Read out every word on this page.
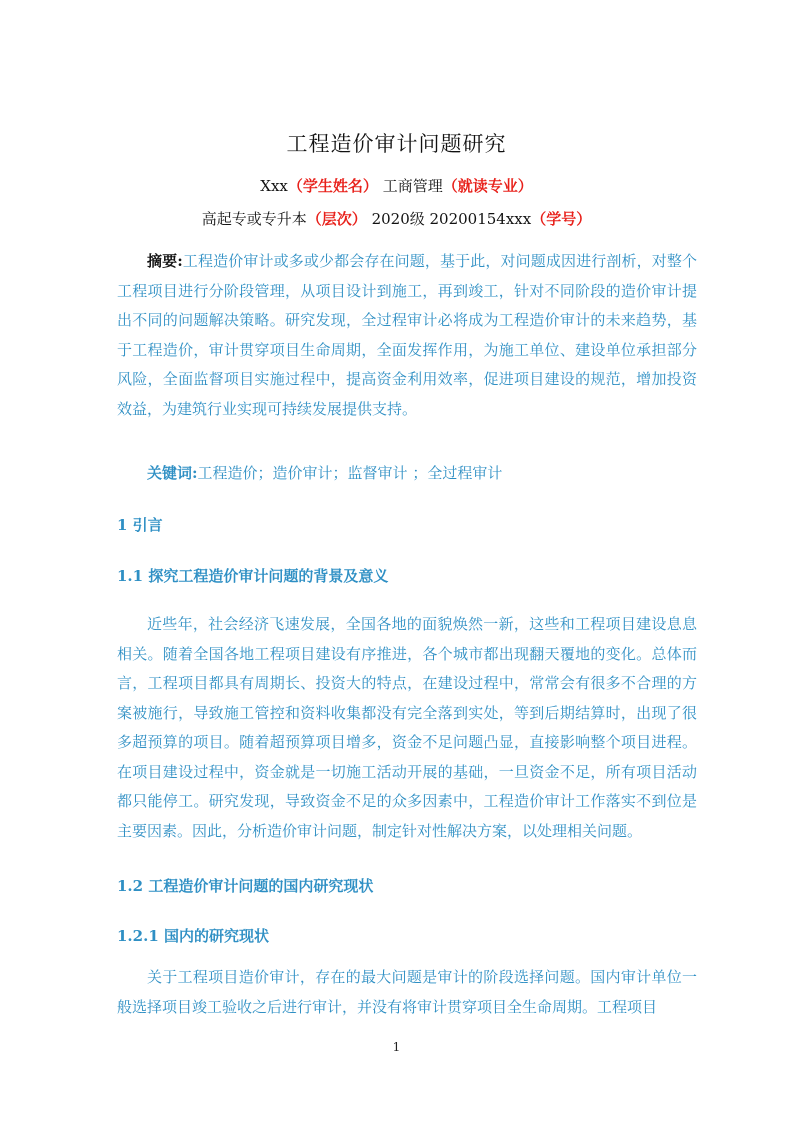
工程造价审计问题研究
Xxx（学生姓名） 工商管理（就读专业）
高起专或专升本（层次） 2020级 20200154xxx（学号）
摘要:工程造价审计或多或少都会存在问题，基于此，对问题成因进行剖析，对整个工程项目进行分阶段管理，从项目设计到施工，再到竣工，针对不同阶段的造价审计提出不同的问题解决策略。研究发现，全过程审计必将成为工程造价审计的未来趋势，基于工程造价，审计贯穿项目生命周期，全面发挥作用，为施工单位、建设单位承担部分风险，全面监督项目实施过程中，提高资金利用效率，促进项目建设的规范，增加投资效益，为建筑行业实现可持续发展提供支持。
关键词:工程造价；造价审计；监督审计 ；全过程审计
1 引言
1.1 探究工程造价审计问题的背景及意义
近些年，社会经济飞速发展，全国各地的面貌焕然一新，这些和工程项目建设息息相关。随着全国各地工程项目建设有序推进，各个城市都出现翻天覆地的变化。总体而言，工程项目都具有周期长、投资大的特点，在建设过程中，常常会有很多不合理的方案被施行，导致施工管控和资料收集都没有完全落到实处，等到后期结算时，出现了很多超预算的项目。随着超预算项目增多，资金不足问题凸显，直接影响整个项目进程。在项目建设过程中，资金就是一切施工活动开展的基础，一旦资金不足，所有项目活动都只能停工。研究发现，导致资金不足的众多因素中，工程造价审计工作落实不到位是主要因素。因此，分析造价审计问题，制定针对性解决方案，以处理相关问题。
1.2 工程造价审计问题的国内研究现状
1.2.1 国内的研究现状
关于工程项目造价审计，存在的最大问题是审计的阶段选择问题。国内审计单位一般选择项目竣工验收之后进行审计，并没有将审计贯穿项目全生命周期。工程项目
1
